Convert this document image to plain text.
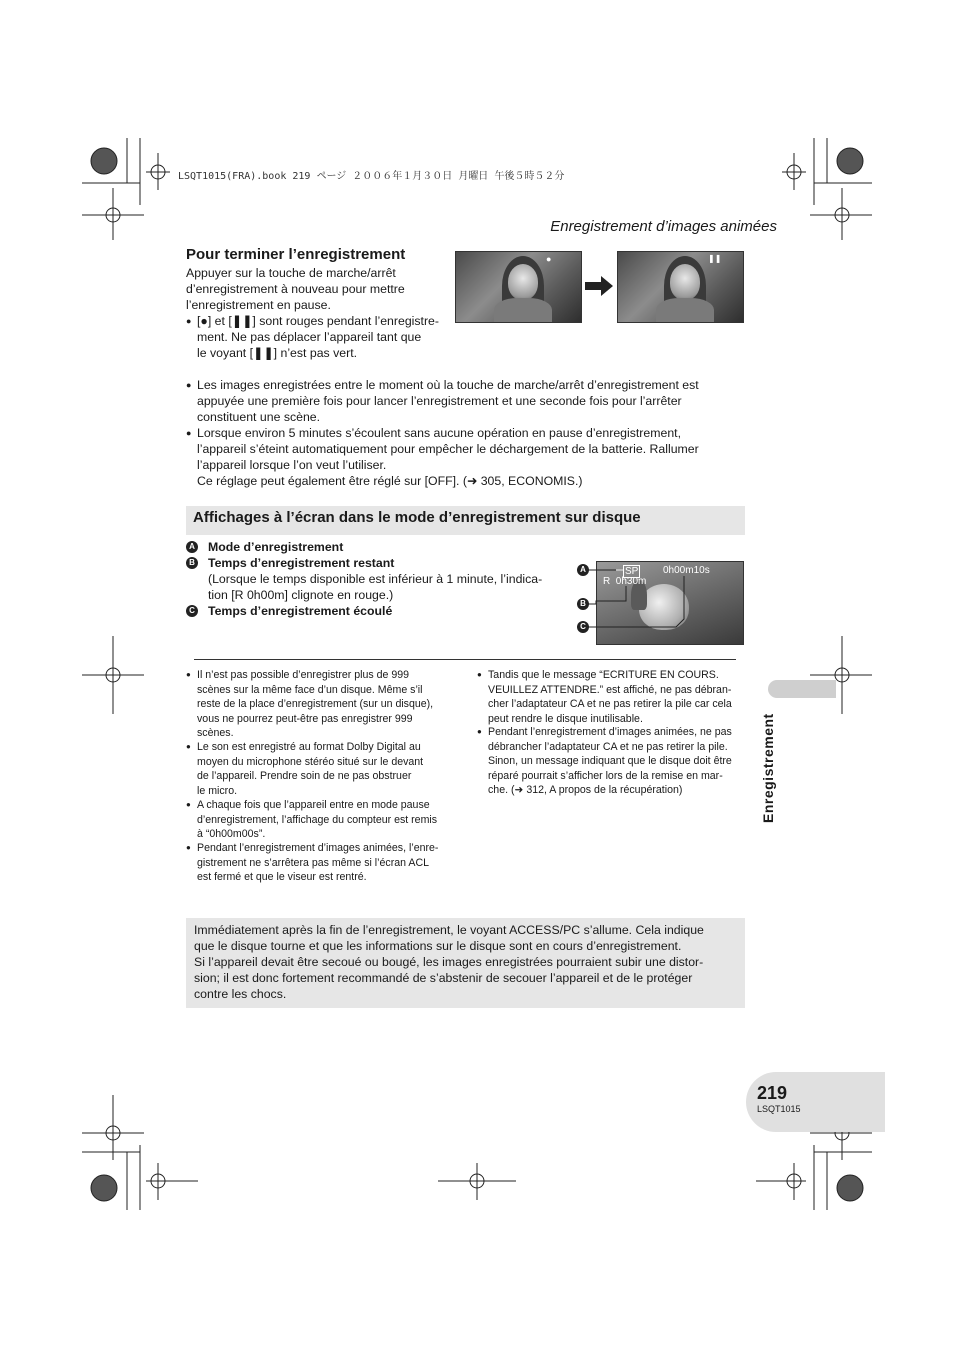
LSQT1015(FRA).book 219 ページ ２００６年１月３０日 月曜日 午後５時５２分
Enregistrement d’images animées
Pour terminer l’enregistrement
Appuyer sur la touche de marche/arrêt
d’enregistrement à nouveau pour mettre
l’enregistrement en pause.
● [●] et [❚❚] sont rouges pendant l’enregistre-
ment. Ne pas déplacer l’appareil tant que
le voyant [❚❚] n’est pas vert.
●	❚❚
● Les images enregistrées entre le moment où la touche de marche/arrêt d’enregistrement est
appuyée une première fois pour lancer l’enregistrement et une seconde fois pour l’arrêter
constituent une scène.
● Lorsque environ 5 minutes s’écoulent sans aucune opération en pause d’enregistrement,
l’appareil s’éteint automatiquement pour empêcher le déchargement de la batterie. Rallumer
l’appareil lorsque l’on veut l’utiliser.
Ce réglage peut également être réglé sur [OFF]. (➜ 305, ECONOMIS.)
Affichages à l’écran dans le mode d’enregistrement sur disque
A Mode d’enregistrement
B Temps d’enregistrement restant
(Lorsque le temps disponible est inférieur à 1 minute, l’indica-
tion [R 0h00m] clignote en rouge.)
C Temps d’enregistrement écoulé
SP
R  0h30m
0h00m10s
A
B
C
● Il n’est pas possible d’enregistrer plus de 999
scènes sur la même face d’un disque. Même s’il
reste de la place d’enregistrement (sur un disque),
vous ne pourrez peut-être pas enregistrer 999
scènes.
● Le son est enregistré au format Dolby Digital au
moyen du microphone stéréo situé sur le devant
de l’appareil. Prendre soin de ne pas obstruer
le micro.
● A chaque fois que l’appareil entre en mode pause
d’enregistrement, l’affichage du compteur est remis
à “0h00m00s”.
● Pendant l’enregistrement d’images animées, l’enre-
gistrement ne s’arrêtera pas même si l’écran ACL
est fermé et que le viseur est rentré.
● Tandis que le message “ECRITURE EN COURS.
VEUILLEZ ATTENDRE.” est affiché, ne pas débran-
cher l’adaptateur CA et ne pas retirer la pile car cela
peut rendre le disque inutilisable.
● Pendant l’enregistrement d’images animées, ne pas
débrancher l’adaptateur CA et ne pas retirer la pile.
Sinon, un message indiquant que le disque doit être
réparé pourrait s’afficher lors de la remise en mar-
che. (➜ 312, A propos de la récupération)	Enregistrement
Immédiatement après la fin de l’enregistrement, le voyant ACCESS/PC s’allume. Cela indique
que le disque tourne et que les informations sur le disque sont en cours d’enregistrement.
Si l’appareil devait être secoué ou bougé, les images enregistrées pourraient subir une distor-
sion; il est donc fortement recommandé de s’abstenir de secouer l’appareil et de le protéger
contre les chocs.
219
LSQT1015
